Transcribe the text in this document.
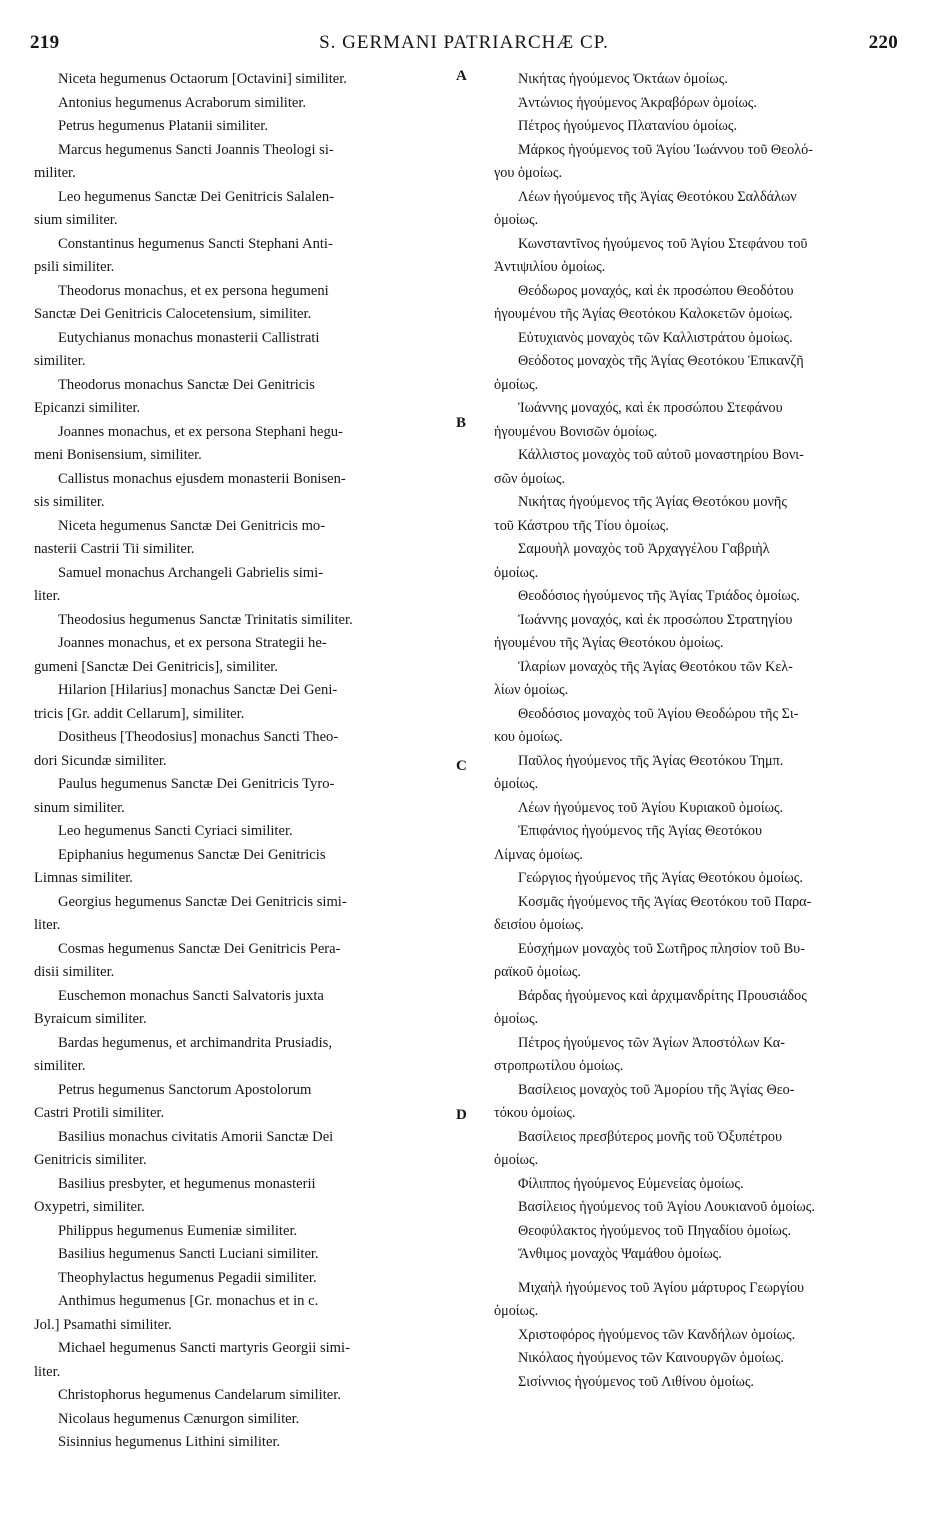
219	S. GERMANI PATRIARCHÆ CP.	220
Niceta hegumenus Octaorum [Octavini] similiter.
Antonius hegumenus Acraborum similiter.
Petrus hegumenus Platanii similiter.
Marcus hegumenus Sancti Joannis Theologi si-
militer.
Leo hegumenus Sanctæ Dei Genitricis Salalen-
sium similiter.
Constantinus hegumenus Sancti Stephani Anti-
psili similiter.
Theodorus monachus, et ex persona hegumeni
Sanctæ Dei Genitricis Calocetensium, similiter.
Eutychianus monachus monasterii Callistrati
similiter.
Theodorus monachus Sanctæ Dei Genitricis
Epicanzi similiter.
Joannes monachus, et ex persona Stephani hegu-
meni Bonisensium, similiter.
Callistus monachus ejusdem monasterii Bonisen-
sis similiter.
Niceta hegumenus Sanctæ Dei Genitricis mo-
nasterii Castrii Tii similiter.
Samuel monachus Archangeli Gabrielis simi-
liter.
Theodosius hegumenus Sanctæ Trinitatis similiter.
Joannes monachus, et ex persona Strategii he-
gumeni [Sanctæ Dei Genitricis], similiter.
Hilarion [Hilarius] monachus Sanctæ Dei Geni-
tricis [Gr. addit Cellarum], similiter.
Dositheus [Theodosius] monachus Sancti Theo-
dori Sicundæ similiter.
Paulus hegumenus Sanctæ Dei Genitricis Tyro-
sinum similiter.
Leo hegumenus Sancti Cyriaci similiter.
Epiphanius hegumenus Sanctæ Dei Genitricis
Limnas similiter.
Georgius hegumenus Sanctæ Dei Genitricis simi-
liter.
Cosmas hegumenus Sanctæ Dei Genitricis Pera-
disii similiter.
Euschemon monachus Sancti Salvatoris juxta
Byraicum similiter.
Bardas hegumenus, et archimandrita Prusiadis,
similiter.
Petrus hegumenus Sanctorum Apostolorum
Castri Protili similiter.
Basilius monachus civitatis Amorii Sanctæ Dei
Genitricis similiter.
Basilius presbyter, et hegumenus monasterii
Oxypetri, similiter.
Philippus hegumenus Eumeniæ similiter.
Basilius hegumenus Sancti Luciani similiter.
Theophylactus hegumenus Pegadii similiter.
Anthimus hegumenus [Gr. monachus et in c.
Jol.] Psamathi similiter.
Michael hegumenus Sancti martyris Georgii simi-
liter.
Christophorus hegumenus Candelarum similiter.
Nicolaus hegumenus Cænurgon similiter.
Sisinnius hegumenus Lithini similiter.
Νικήτας ἡγούμενος Ὀκτάων ὁμοίως.
Ἀντώνιος ἡγούμενος Ἀκραβόρων ὁμοίως.
Πέτρος ἡγούμενος Πλατανίου ὁμοίως.
Μάρκος ἡγούμενος τοῦ Ἁγίου Ἰωάννου τοῦ Θεολό-
γου ὁμοίως.
Λέων ἡγούμενος τῆς Ἁγίας Θεοτόκου Σαλδάλων
ὁμοίως.
Κωνσταντῖνος ἡγούμενος τοῦ Ἁγίου Στεφάνου τοῦ
Ἀντιψιλίου ὁμοίως.
Θεόδωρος μοναχός, καὶ ἐκ προσώπου Θεοδότου
ἡγουμένου τῆς Ἁγίας Θεοτόκου Καλοκετῶν ὁμοίως.
Εὐτυχιανὸς μοναχὸς τῶν Καλλιστράτου ὁμοίως.
Θεόδοτος μοναχὸς τῆς Ἁγίας Θεοτόκου Ἐπικανζῆ
ὁμοίως.
Ἰωάννης μοναχός, καὶ ἐκ προσώπου Στεφάνου
ἡγουμένου Βονισῶν ὁμοίως.
Κάλλιστος μοναχὸς τοῦ αὐτοῦ μοναστηρίου Βονι-
σῶν ὁμοίως.
Νικήτας ἡγούμενος τῆς Ἁγίας Θεοτόκου μονῆς
τοῦ Κάστρου τῆς Τίου ὁμοίως.
Σαμουὴλ μοναχὸς τοῦ Ἀρχαγγέλου Γαβριὴλ
ὁμοίως.
Θεοδόσιος ἡγούμενος τῆς Ἁγίας Τριάδος ὁμοίως.
Ἰωάννης μοναχός, καὶ ἐκ προσώπου Στρατηγίου
ἡγουμένου τῆς Ἁγίας Θεοτόκου ὁμοίως.
Ἱλαρίων μοναχὸς τῆς Ἁγίας Θεοτόκου τῶν Κελ-
λίων ὁμοίως.
Θεοδόσιος μοναχὸς τοῦ Ἁγίου Θεοδώρου τῆς Σι-
κου ὁμοίως.
Παῦλος ἡγούμενος τῆς Ἁγίας Θεοτόκου Τημπ.
ὁμοίως.
Λέων ἡγούμενος τοῦ Ἁγίου Κυριακοῦ ὁμοίως.
Ἐπιφάνιος ἡγούμενος τῆς Ἁγίας Θεοτόκου
Λίμνας ὁμοίως.
Γεώργιος ἡγούμενος τῆς Ἁγίας Θεοτόκου ὁμοίως.
Κοσμᾶς ἡγούμενος τῆς Ἁγίας Θεοτόκου τοῦ Παρα-
δεισίου ὁμοίως.
Εὐσχήμων μοναχὸς τοῦ Σωτῆρος πλησίον τοῦ Βυ-
ραϊκοῦ ὁμοίως.
Βάρδας ἡγούμενος καὶ ἀρχιμανδρίτης Προυσιάδος
ὁμοίως.
Πέτρος ἡγούμενος τῶν Ἁγίων Ἀποστόλων Κα-
στροπρωτίλου ὁμοίως.
Βασίλειος μοναχὸς τοῦ Ἀμορίου τῆς Ἁγίας Θεο-
τόκου ὁμοίως.
Βασίλειος πρεσβύτερος μονῆς τοῦ Ὀξυπέτρου
ὁμοίως.
Φίλιππος ἡγούμενος Εὐμενείας ὁμοίως.
Βασίλειος ἡγούμενος τοῦ Ἁγίου Λουκιανοῦ ὁμοίως.
Θεοφύλακτος ἡγούμενος τοῦ Πηγαδίου ὁμοίως.
Ἄνθιμος μοναχὸς Ψαμάθου ὁμοίως.
Μιχαὴλ ἡγούμενος τοῦ Ἁγίου μάρτυρος Γεωργίου
ὁμοίως.
Χριστοφόρος ἡγούμενος τῶν Κανδήλων ὁμοίως.
Νικόλαος ἡγούμενος τῶν Καινουργῶν ὁμοίως.
Σισίννιος ἡγούμενος τοῦ Λιθίνου ὁμοίως.
A
B
C
D
